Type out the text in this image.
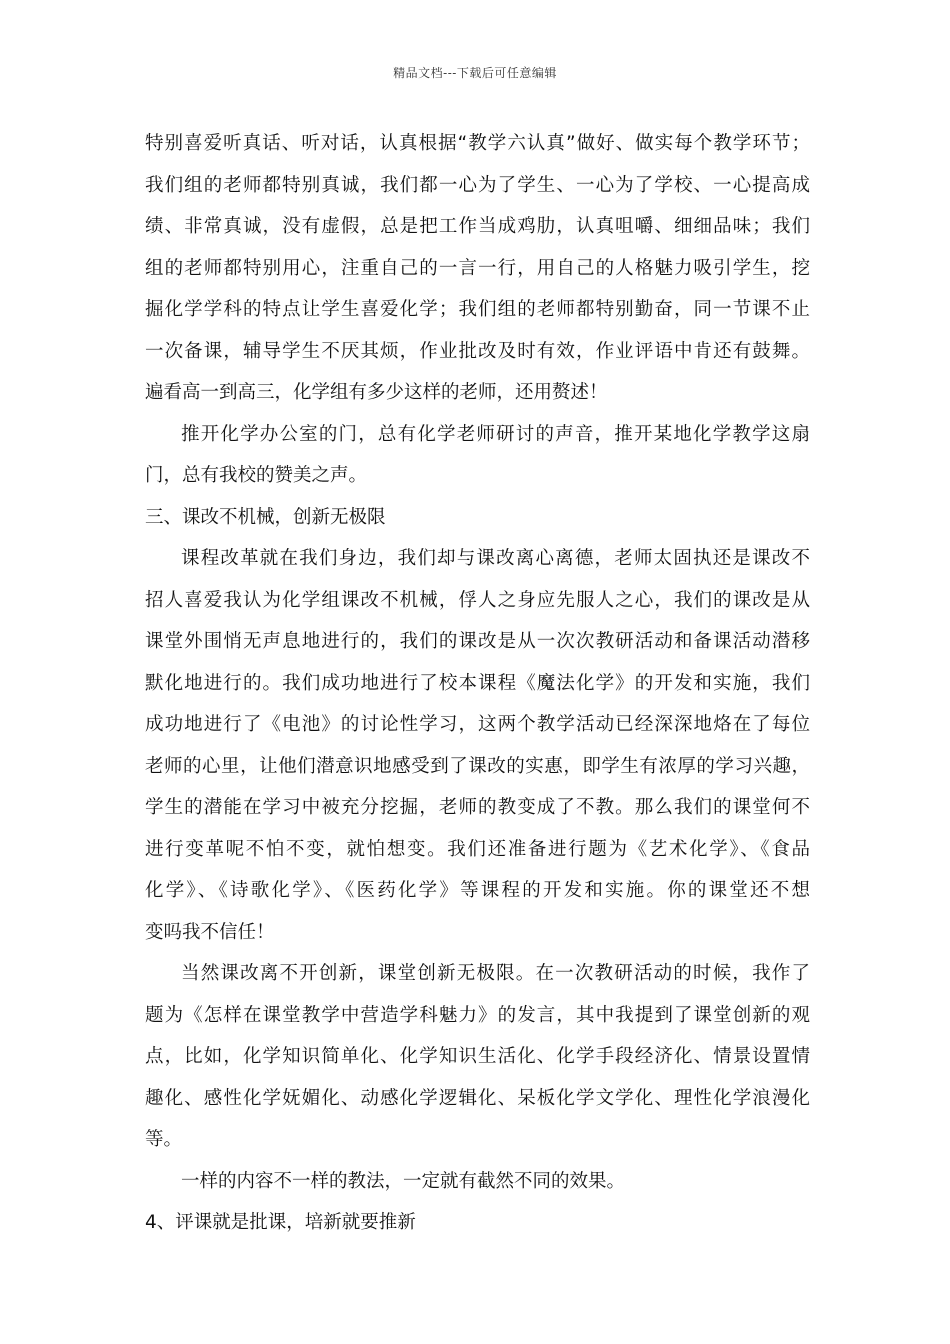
精品文档---下载后可任意编辑
特别喜爱听真话、听对话，认真根据“教学六认真”做好、做实每个教学环节；
我们组的老师都特别真诚，我们都一心为了学生、一心为了学校、一心提高成
绩、非常真诚，没有虚假，总是把工作当成鸡肋，认真咀嚼、细细品味；我们
组的老师都特别用心，注重自己的一言一行，用自己的人格魅力吸引学生，挖
掘化学学科的特点让学生喜爱化学；我们组的老师都特别勤奋，同一节课不止
一次备课，辅导学生不厌其烦，作业批改及时有效，作业评语中肯还有鼓舞。
遍看高一到高三，化学组有多少这样的老师，还用赘述！
推开化学办公室的门，总有化学老师研讨的声音，推开某地化学教学这扇
门，总有我校的赞美之声。
三、课改不机械，创新无极限
课程改革就在我们身边，我们却与课改离心离德，老师太固执还是课改不
招人喜爱我认为化学组课改不机械，俘人之身应先服人之心，我们的课改是从
课堂外围悄无声息地进行的，我们的课改是从一次次教研活动和备课活动潜移
默化地进行的。我们成功地进行了校本课程《魔法化学》的开发和实施，我们
成功地进行了《电池》的讨论性学习，这两个教学活动已经深深地烙在了每位
老师的心里，让他们潜意识地感受到了课改的实惠，即学生有浓厚的学习兴趣，
学生的潜能在学习中被充分挖掘，老师的教变成了不教。那么我们的课堂何不
进行变革呢不怕不变，就怕想变。我们还准备进行题为《艺术化学》、《食品
化学》、《诗歌化学》、《医药化学》等课程的开发和实施。你的课堂还不想
变吗我不信任！
当然课改离不开创新，课堂创新无极限。在一次教研活动的时候，我作了
题为《怎样在课堂教学中营造学科魅力》的发言，其中我提到了课堂创新的观
点，比如，化学知识简单化、化学知识生活化、化学手段经济化、情景设置情
趣化、感性化学妩媚化、动感化学逻辑化、呆板化学文学化、理性化学浪漫化
等。
一样的内容不一样的教法，一定就有截然不同的效果。
4、评课就是批课，培新就要推新
